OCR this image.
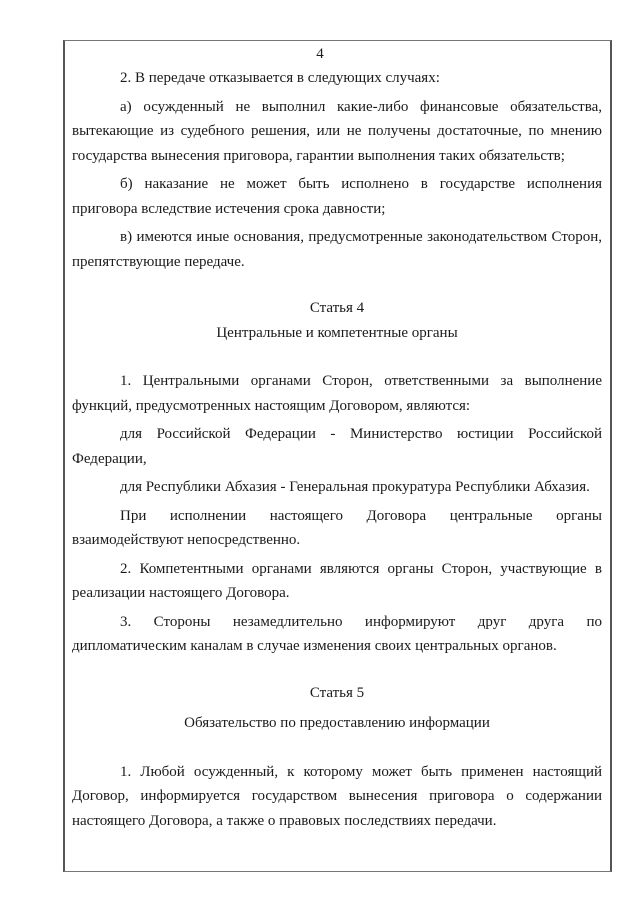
4

2. В передаче отказывается в следующих случаях:

а) осужденный не выполнил какие-либо финансовые обязательства, вытекающие из судебного решения, или не получены достаточные, по мнению государства вынесения приговора, гарантии выполнения таких обязательств;

б) наказание не может быть исполнено в государстве исполнения приговора вследствие истечения срока давности;

в) имеются иные основания, предусмотренные законодательством Сторон, препятствующие передаче.

Статья 4

Центральные и компетентные органы

1. Центральными органами Сторон, ответственными за выполнение функций, предусмотренных настоящим Договором, являются:

для Российской Федерации - Министерство юстиции Российской Федерации,

для Республики Абхазия - Генеральная прокуратура Республики Абхазия.

При исполнении настоящего Договора центральные органы взаимодействуют непосредственно.

2. Компетентными органами являются органы Сторон, участвующие в реализации настоящего Договора.

3. Стороны незамедлительно информируют друг друга по дипломатическим каналам в случае изменения своих центральных органов.

Статья 5

Обязательство по предоставлению информации

1. Любой осужденный, к которому может быть применен настоящий Договор, информируется государством вынесения приговора о содержании настоящего Договора, а также о правовых последствиях передачи.
